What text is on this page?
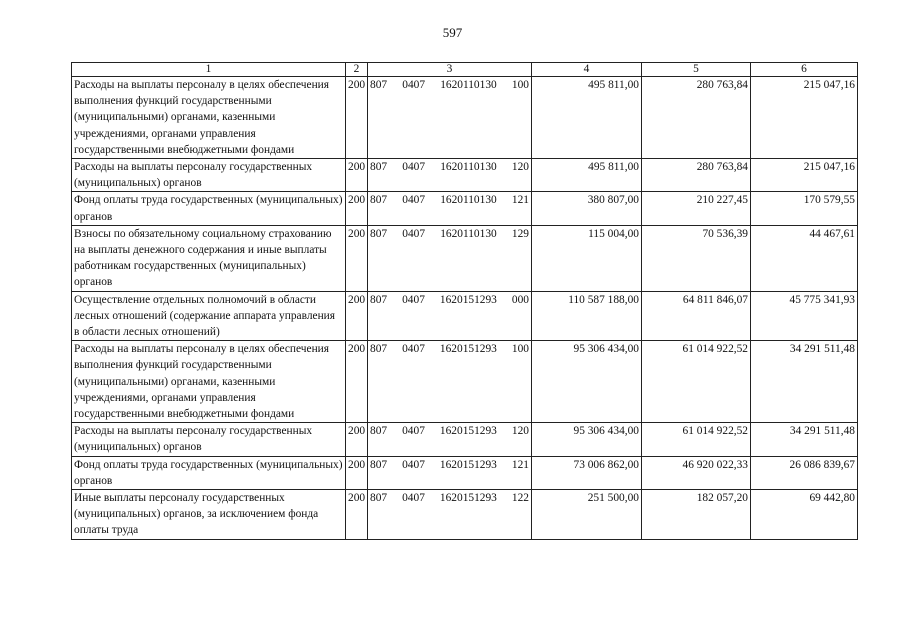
597
1	2	3	4	5	6
Расходы на выплаты персоналу в целях обеспечения выполнения функций государственными (муниципальными) органами, казенными учреждениями, органами управления государственными внебюджетными фондами	200	807 0407 1620110130 100	495 811,00	280 763,84	215 047,16
Расходы на выплаты персоналу государственных (муниципальных) органов	200	807 0407 1620110130 120	495 811,00	280 763,84	215 047,16
Фонд оплаты труда государственных (муниципальных) органов	200	807 0407 1620110130 121	380 807,00	210 227,45	170 579,55
Взносы по обязательному социальному страхованию на выплаты денежного содержания и иные выплаты работникам государственных (муниципальных) органов	200	807 0407 1620110130 129	115 004,00	70 536,39	44 467,61
Осуществление отдельных полномочий в области лесных отношений (содержание аппарата управления в области лесных отношений)	200	807 0407 1620151293 000	110 587 188,00	64 811 846,07	45 775 341,93
Расходы на выплаты персоналу в целях обеспечения выполнения функций государственными (муниципальными) органами, казенными учреждениями, органами управления государственными внебюджетными фондами	200	807 0407 1620151293 100	95 306 434,00	61 014 922,52	34 291 511,48
Расходы на выплаты персоналу государственных (муниципальных) органов	200	807 0407 1620151293 120	95 306 434,00	61 014 922,52	34 291 511,48
Фонд оплаты труда государственных (муниципальных) органов	200	807 0407 1620151293 121	73 006 862,00	46 920 022,33	26 086 839,67
Иные выплаты персоналу государственных (муниципальных) органов, за исключением фонда оплаты труда	200	807 0407 1620151293 122	251 500,00	182 057,20	69 442,80
